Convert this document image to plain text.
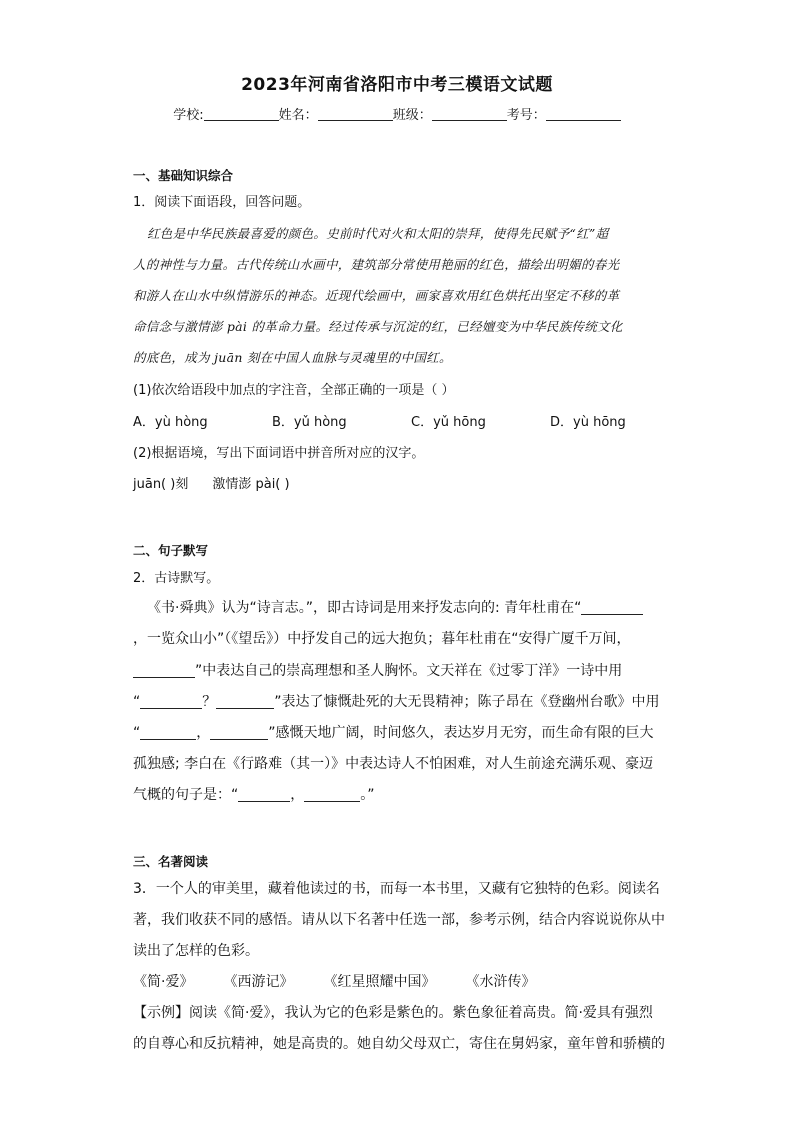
2023年河南省洛阳市中考三模语文试题
学校:	姓名：	班级：	考号：
一、基础知识综合
1．阅读下面语段，回答问题。
红色是中华民族最喜爱的颜色。史前时代对火和太阳的崇拜，使得先民赋予“红”超
人的神性与力量。古代传统山水画中，建筑部分常使用艳丽的红色，描绘出明媚的春光
和游人在山水中纵情游乐的神态。近现代绘画中，画家喜欢用红色烘托出坚定不移的革
命信念与激情澎 pài 的革命力量。经过传承与沉淀的红，已经嬗变为中华民族传统文化
的底色，成为 juān 刻在中国人血脉与灵魂里的中国红。
(1)依次给语段中加点的字注音，全部正确的一项是（ ）
A．yù hòng	B．yǔ hòng	C．yǔ hōng	D．yù hōng
(2)根据语境，写出下面词语中拼音所对应的汉字。
juān( )刻 激情澎 pài( )
二、句子默写
2．古诗默写。
《书·舜典》认为“诗言志。”，即古诗词是用来抒发志向的: 青年杜甫在“
，一览众山小”（《望岳》）中抒发自己的远大抱负；暮年杜甫在“安得广厦千万间，
”中表达自己的崇高理想和圣人胸怀。文天祥在《过零丁洋》一诗中用
“	？	”表达了慷慨赴死的大无畏精神；陈子昂在《登幽州台歌》中用
“	，	”感慨天地广阔，时间悠久，表达岁月无穷，而生命有限的巨大
孤独感; 李白在《行路难（其一）》中表达诗人不怕困难，对人生前途充满乐观、豪迈
气概的句子是：“	，	。”
三、名著阅读
3．一个人的审美里，藏着他读过的书，而每一本书里，又藏有它独特的色彩。阅读名
著，我们收获不同的感悟。请从以下名著中任选一部，参考示例，结合内容说说你从中
读出了怎样的色彩。
《简·爱》 《西游记》 《红星照耀中国》 《水浒传》
【示例】阅读《简·爱》，我认为它的色彩是紫色的。紫色象征着高贵。简·爱具有强烈
的自尊心和反抗精神，她是高贵的。她自幼父母双亡，寄住在舅妈家，童年曾和骄横的
